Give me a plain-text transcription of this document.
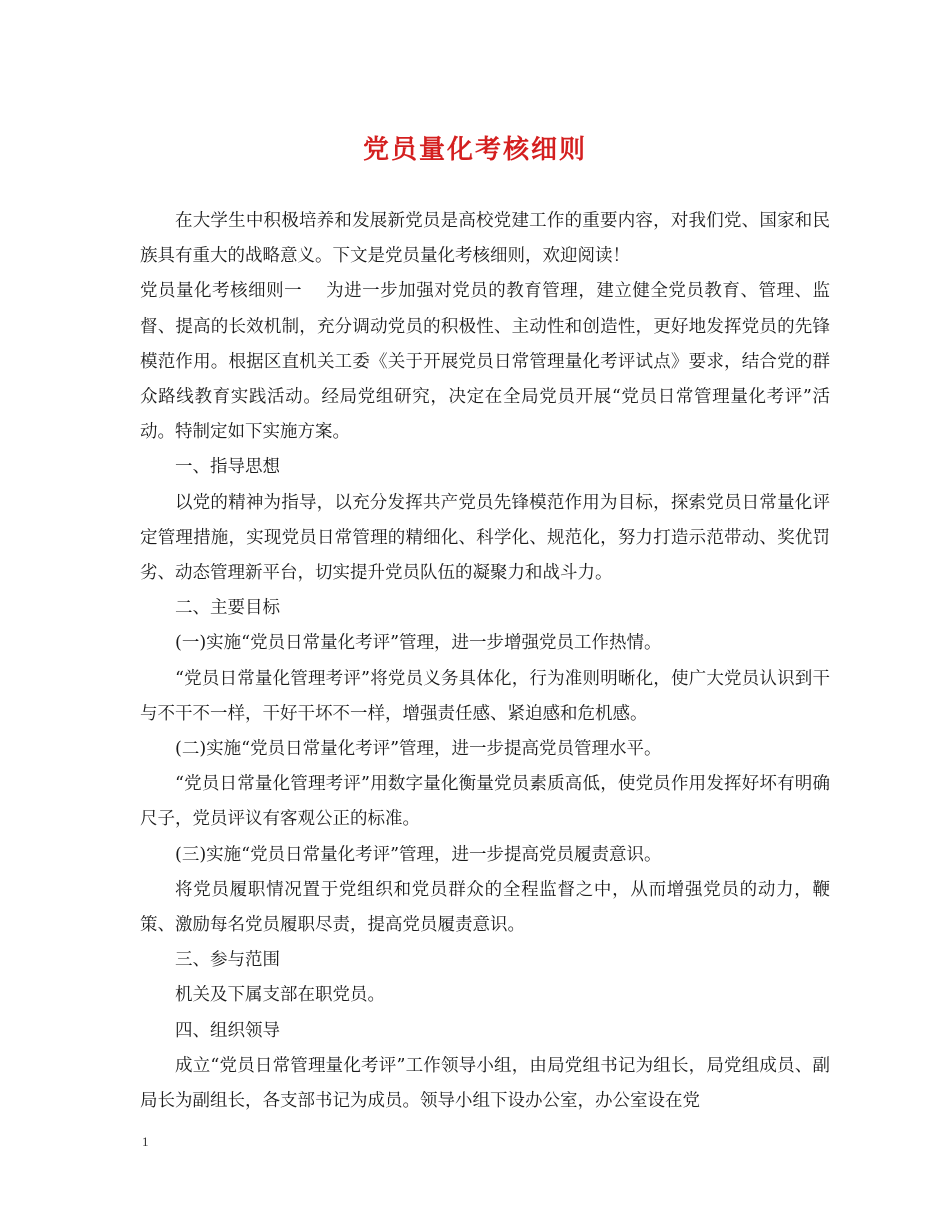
党员量化考核细则

在大学生中积极培养和发展新党员是高校党建工作的重要内容，对我们党、国家和民族具有重大的战略意义。下文是党员量化考核细则，欢迎阅读！

党员量化考核细则一 为进一步加强对党员的教育管理，建立健全党员教育、管理、监督、提高的长效机制，充分调动党员的积极性、主动性和创造性，更好地发挥党员的先锋模范作用。根据区直机关工委《关于开展党员日常管理量化考评试点》要求，结合党的群众路线教育实践活动。经局党组研究，决定在全局党员开展“党员日常管理量化考评”活动。特制定如下实施方案。

一、指导思想

以党的精神为指导，以充分发挥共产党员先锋模范作用为目标，探索党员日常量化评定管理措施，实现党员日常管理的精细化、科学化、规范化，努力打造示范带动、奖优罚劣、动态管理新平台，切实提升党员队伍的凝聚力和战斗力。

二、主要目标

(一)实施“党员日常量化考评”管理，进一步增强党员工作热情。

“党员日常量化管理考评”将党员义务具体化，行为准则明晰化，使广大党员认识到干与不干不一样，干好干坏不一样，增强责任感、紧迫感和危机感。

(二)实施“党员日常量化考评”管理，进一步提高党员管理水平。

“党员日常量化管理考评”用数字量化衡量党员素质高低，使党员作用发挥好坏有明确尺子，党员评议有客观公正的标准。

(三)实施“党员日常量化考评”管理，进一步提高党员履责意识。

将党员履职情况置于党组织和党员群众的全程监督之中，从而增强党员的动力，鞭策、激励每名党员履职尽责，提高党员履责意识。

三、参与范围

机关及下属支部在职党员。

四、组织领导

成立“党员日常管理量化考评”工作领导小组，由局党组书记为组长，局党组成员、副局长为副组长，各支部书记为成员。领导小组下设办公室，办公室设在党

1
